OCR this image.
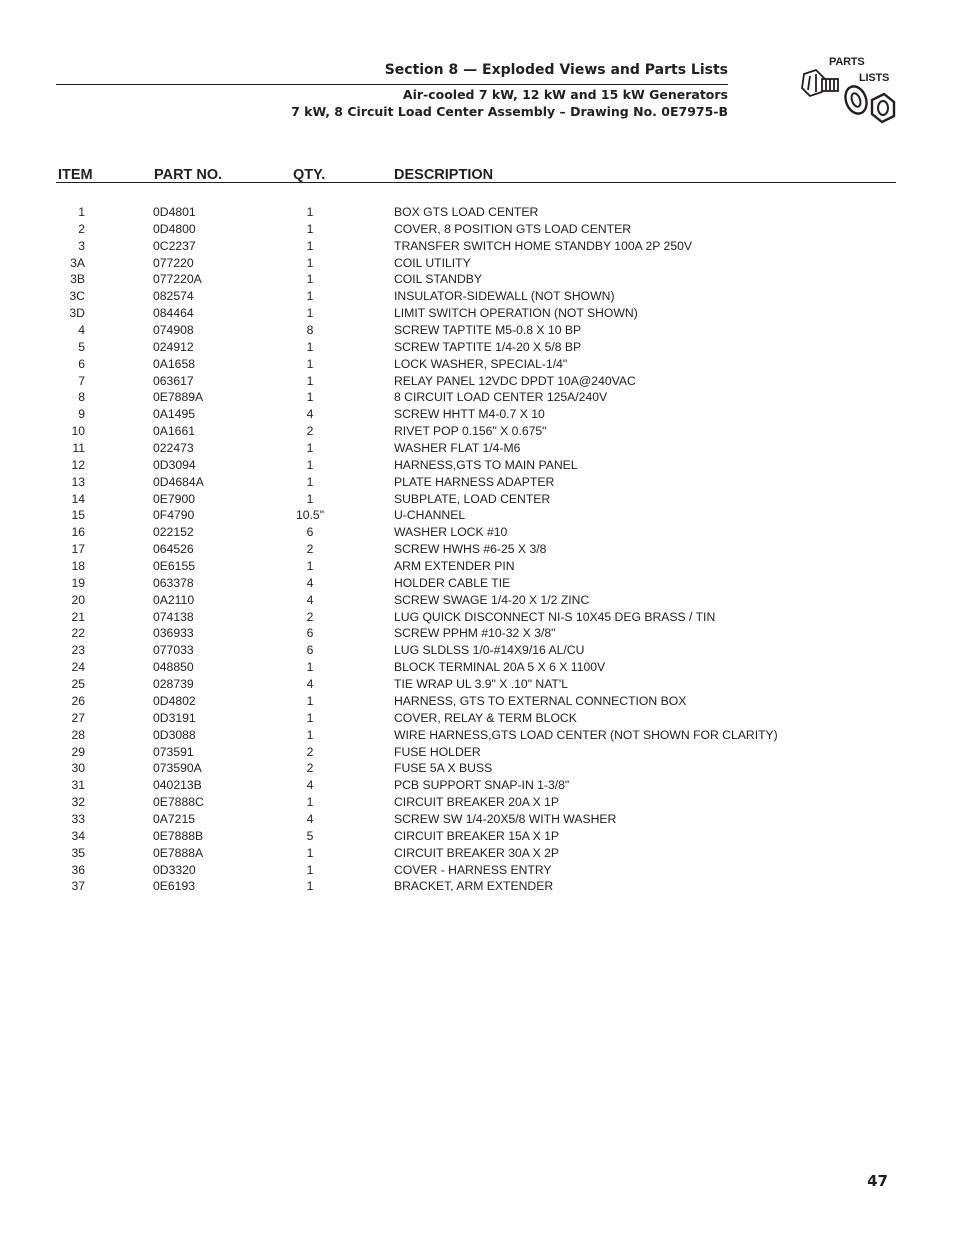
Section 8 — Exploded Views and Parts Lists
Air-cooled 7 kW, 12 kW and 15 kW Generators
7 kW, 8 Circuit Load Center Assembly – Drawing No. 0E7975-B
PARTS
LISTS
ITEM	PART NO.	QTY.	DESCRIPTION
1	0D4801	1	BOX GTS LOAD CENTER
2	0D4800	1	COVER, 8 POSITION GTS LOAD CENTER
3	0C2237	1	TRANSFER SWITCH HOME STANDBY 100A 2P 250V
3A	077220	1	COIL UTILITY
3B	077220A	1	COIL STANDBY
3C	082574	1	INSULATOR-SIDEWALL (NOT SHOWN)
3D	084464	1	LIMIT SWITCH OPERATION (NOT SHOWN)
4	074908	8	SCREW TAPTITE M5-0.8 X 10 BP
5	024912	1	SCREW TAPTITE 1/4-20 X 5/8 BP
6	0A1658	1	LOCK WASHER, SPECIAL-1/4"
7	063617	1	RELAY PANEL 12VDC DPDT 10A@240VAC
8	0E7889A	1	8 CIRCUIT LOAD CENTER 125A/240V
9	0A1495	4	SCREW HHTT M4-0.7 X 10
10	0A1661	2	RIVET POP 0.156" X 0.675"
11	022473	1	WASHER FLAT 1/4-M6
12	0D3094	1	HARNESS,GTS TO MAIN PANEL
13	0D4684A	1	PLATE HARNESS ADAPTER
14	0E7900	1	SUBPLATE, LOAD CENTER
15	0F4790	10.5"	U-CHANNEL
16	022152	6	WASHER LOCK #10
17	064526	2	SCREW HWHS #6-25 X 3/8
18	0E6155	1	ARM EXTENDER PIN
19	063378	4	HOLDER CABLE TIE
20	0A2110	4	SCREW SWAGE 1/4-20 X 1/2 ZINC
21	074138	2	LUG QUICK DISCONNECT NI-S 10X45 DEG BRASS / TIN
22	036933	6	SCREW PPHM #10-32 X 3/8"
23	077033	6	LUG SLDLSS 1/0-#14X9/16 AL/CU
24	048850	1	BLOCK TERMINAL 20A 5 X 6 X 1100V
25	028739	4	TIE WRAP UL 3.9" X .10" NAT'L
26	0D4802	1	HARNESS, GTS TO EXTERNAL CONNECTION BOX
27	0D3191	1	COVER, RELAY & TERM BLOCK
28	0D3088	1	WIRE HARNESS,GTS LOAD CENTER (NOT SHOWN FOR CLARITY)
29	073591	2	FUSE HOLDER
30	073590A	2	FUSE 5A X BUSS
31	040213B	4	PCB SUPPORT SNAP-IN 1-3/8"
32	0E7888C	1	CIRCUIT BREAKER 20A X 1P
33	0A7215	4	SCREW SW 1/4-20X5/8 WITH WASHER
34	0E7888B	5	CIRCUIT BREAKER 15A X 1P
35	0E7888A	1	CIRCUIT BREAKER 30A X 2P
36	0D3320	1	COVER - HARNESS ENTRY
37	0E6193	1	BRACKET, ARM EXTENDER
47
